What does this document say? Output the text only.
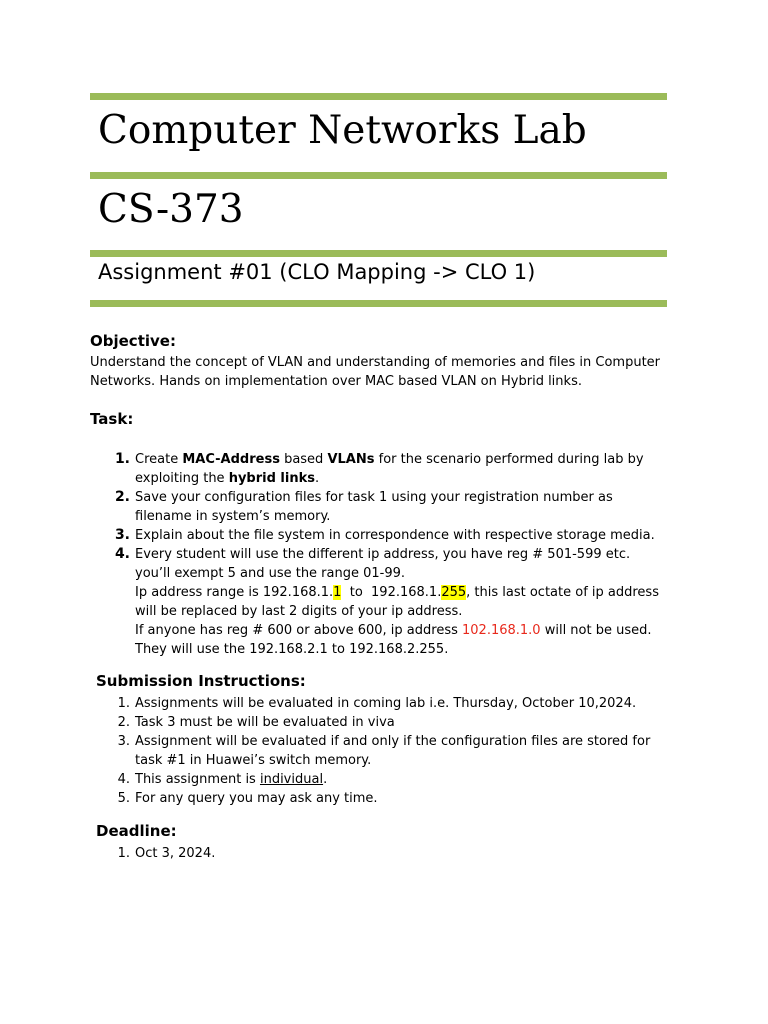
Computer Networks Lab
CS-373
Assignment #01 (CLO Mapping -> CLO 1)
Objective:

Understand the concept of VLAN and understanding of memories and files in Computer Networks. Hands on implementation over MAC based VLAN on Hybrid links.

Task:
1. Create MAC-Address based VLANs for the scenario performed during lab by exploiting the hybrid links.
2. Save your configuration files for task 1 using your registration number as filename in system’s memory.
3. Explain about the file system in correspondence with respective storage media.
4. Every student will use the different ip address, you have reg # 501-599 etc. you’ll exempt 5 and use the range 01-99.
Ip address range is 192.168.1.1  to  192.168.1.255, this last octate of ip address will be replaced by last 2 digits of your ip address.
If anyone has reg # 600 or above 600, ip address 102.168.1.0 will not be used.
They will use the 192.168.2.1 to 192.168.2.255.
Submission Instructions:
1. Assignments will be evaluated in coming lab i.e. Thursday, October 10,2024.
2. Task 3 must be will be evaluated in viva
3. Assignment will be evaluated if and only if the configuration files are stored for task #1 in Huawei’s switch memory.
4. This assignment is individual.
5. For any query you may ask any time.
Deadline:
1. Oct 3, 2024.
